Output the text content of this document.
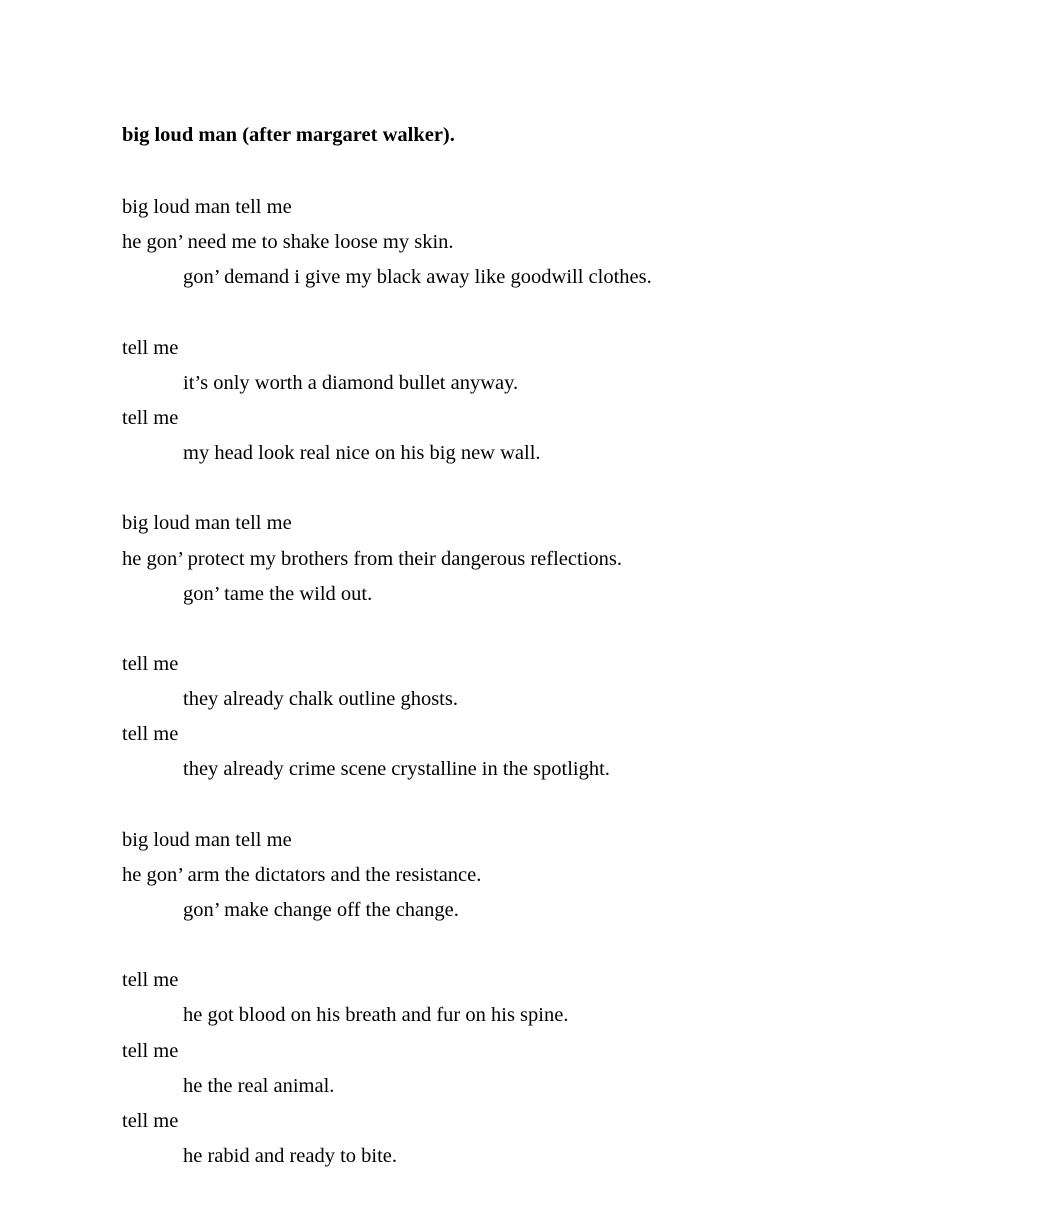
big loud man (after margaret walker).
big loud man tell me
he gon’ need me to shake loose my skin.
gon’ demand i give my black away like goodwill clothes.
tell me
it’s only worth a diamond bullet anyway.
tell me
my head look real nice on his big new wall.
big loud man tell me
he gon’ protect my brothers from their dangerous reflections.
gon’ tame the wild out.
tell me
they already chalk outline ghosts.
tell me
they already crime scene crystalline in the spotlight.
big loud man tell me
he gon’ arm the dictators and the resistance.
gon’ make change off the change.
tell me
he got blood on his breath and fur on his spine.
tell me
he the real animal.
tell me
he rabid and ready to bite.
